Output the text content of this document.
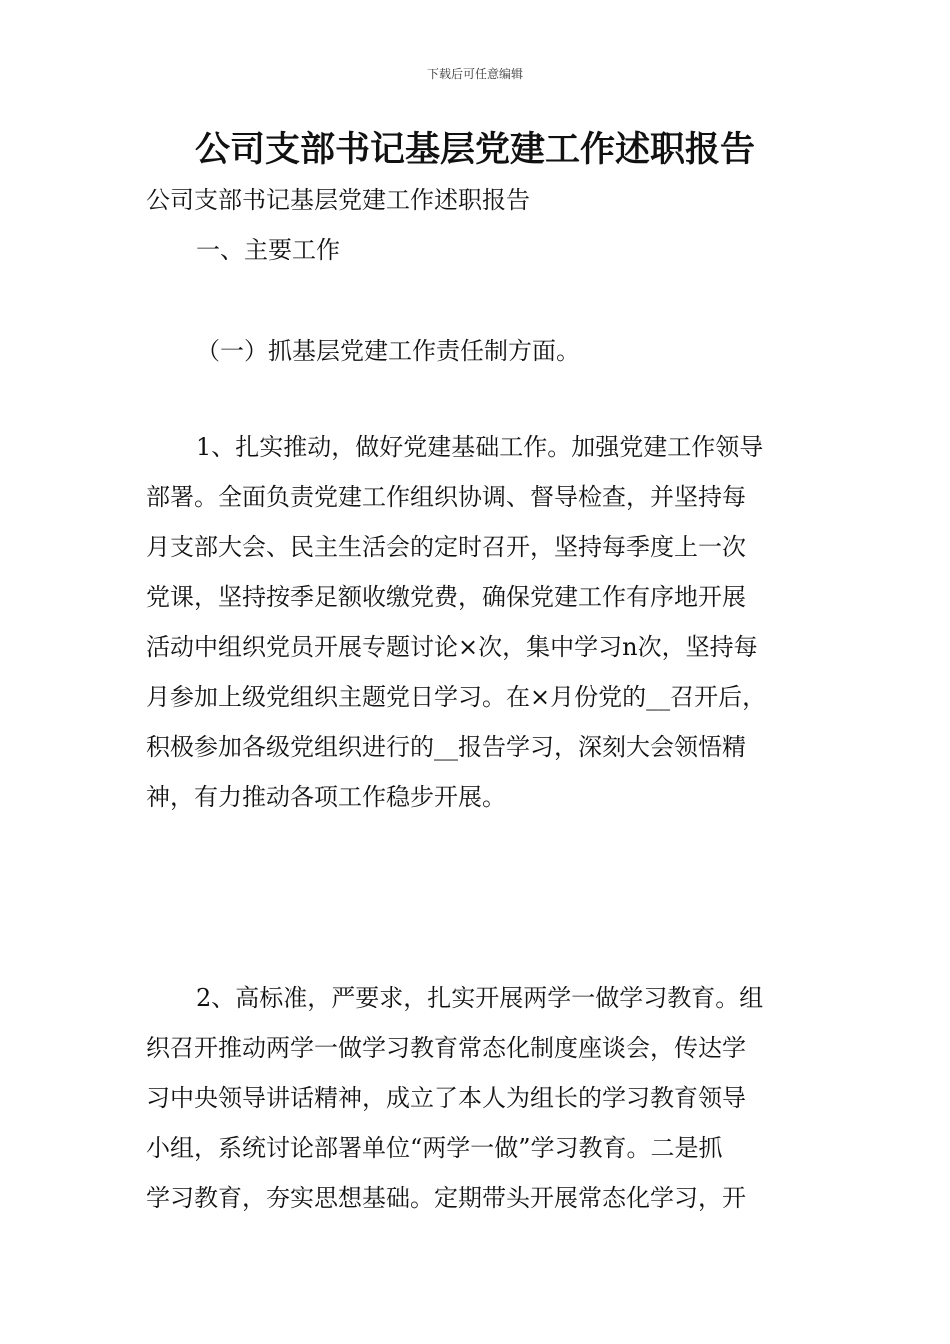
下载后可任意编辑
公司支部书记基层党建工作述职报告
公司支部书记基层党建工作述职报告
一、主要工作
（一）抓基层党建工作责任制方面。
1、扎实推动，做好党建基础工作。加强党建工作领导
部署。全面负责党建工作组织协调、督导检查，并坚持每
月支部大会、民主生活会的定时召开，坚持每季度上一次
党课，坚持按季足额收缴党费，确保党建工作有序地开展
活动中组织党员开展专题讨论×次，集中学习n次，坚持每
月参加上级党组织主题党日学习。在×月份党的__召开后，
积极参加各级党组织进行的__报告学习，深刻大会领悟精
神，有力推动各项工作稳步开展。
2、高标准，严要求，扎实开展两学一做学习教育。组
织召开推动两学一做学习教育常态化制度座谈会，传达学
习中央领导讲话精神，成立了本人为组长的学习教育领导
小组，系统讨论部署单位“两学一做”学习教育。二是抓
学习教育，夯实思想基础。定期带头开展常态化学习，开
